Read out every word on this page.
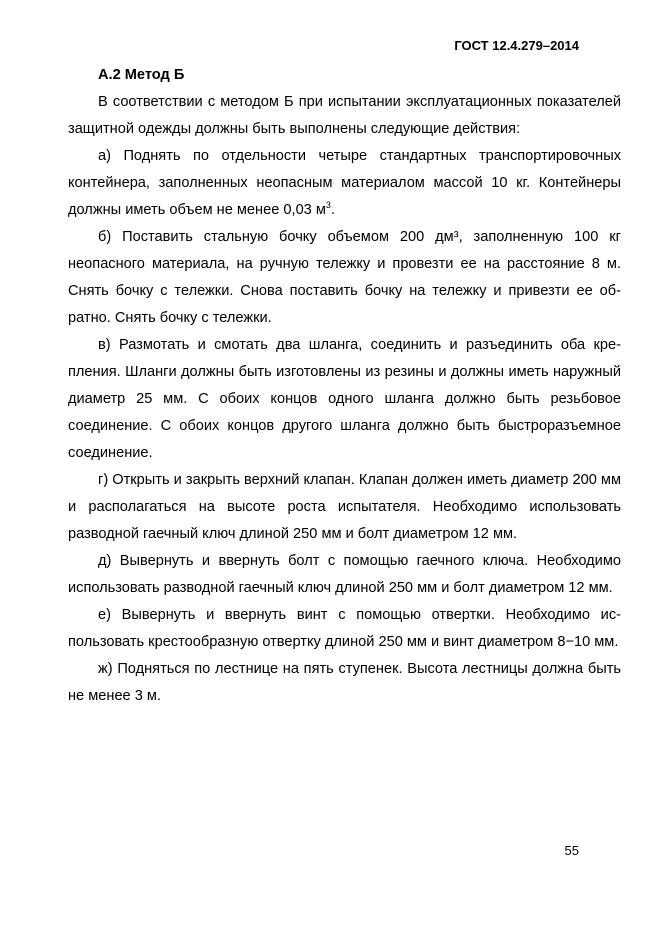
ГОСТ 12.4.279–2014

А.2 Метод Б

В соответствии с методом Б при испытании эксплуатационных показателей защитной одежды должны быть выполнены следующие действия:

а) Поднять по отдельности четыре стандартных транспортировочных контейнера, заполненных неопасным материалом массой 10 кг. Контейнеры должны иметь объем не менее 0,03 $м^3$.

б) Поставить стальную бочку объемом 200 дм³, заполненную 100 кг неопасного материала, на ручную тележку и провезти ее на расстояние 8 м. Снять бочку с тележки. Снова поставить бочку на тележку и привезти ее обратно. Снять бочку с тележки.

в) Размотать и смотать два шланга, соединить и разъединить оба крепления. Шланги должны быть изготовлены из резины и должны иметь наружный диаметр 25 мм. С обоих концов одного шланга должно быть резьбовое соединение. С обоих концов другого шланга должно быть быстроразъемное соединение.

г) Открыть и закрыть верхний клапан. Клапан должен иметь диаметр 200 мм и располагаться на высоте роста испытателя. Необходимо использовать разводной гаечный ключ длиной 250 мм и болт диаметром 12 мм.

д) Вывернуть и ввернуть болт с помощью гаечного ключа. Необходимо использовать разводной гаечный ключ длиной 250 мм и болт диаметром 12 мм.

е) Вывернуть и ввернуть винт с помощью отвертки. Необходимо использовать крестообразную отвертку длиной 250 мм и винт диаметром 8−10 мм.

ж) Подняться по лестнице на пять ступенек. Высота лестницы должна быть не менее 3 м.

55
